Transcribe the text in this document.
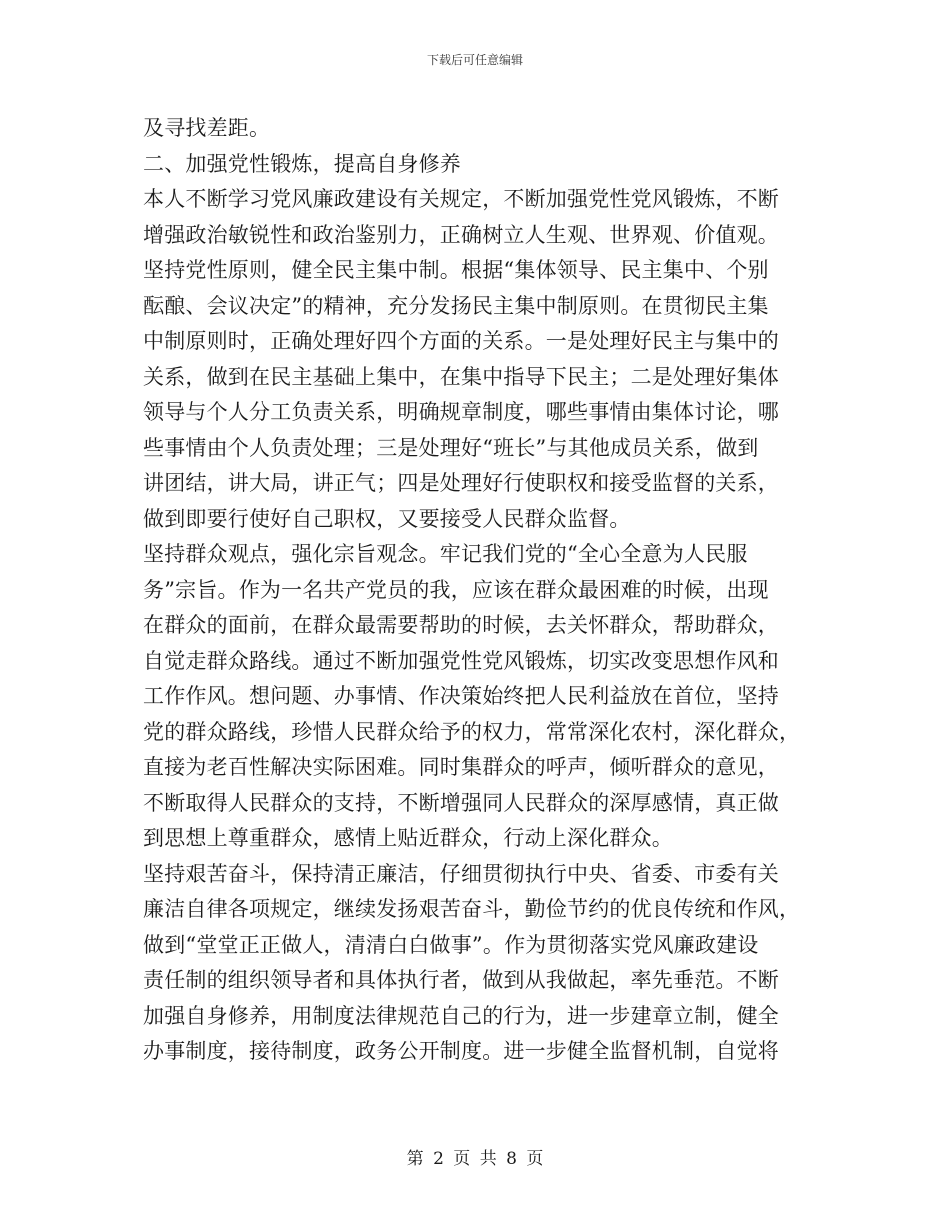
下载后可任意编辑
及寻找差距。
二、加强党性锻炼，提高自身修养
本人不断学习党风廉政建设有关规定，不断加强党性党风锻炼，不断
增强政治敏锐性和政治鉴别力，正确树立人生观、世界观、价值观。
坚持党性原则，健全民主集中制。根据“集体领导、民主集中、个别
酝酿、会议决定”的精神，充分发扬民主集中制原则。在贯彻民主集
中制原则时，正确处理好四个方面的关系。一是处理好民主与集中的
关系，做到在民主基础上集中，在集中指导下民主；二是处理好集体
领导与个人分工负责关系，明确规章制度，哪些事情由集体讨论，哪
些事情由个人负责处理；三是处理好“班长”与其他成员关系，做到
讲团结，讲大局，讲正气；四是处理好行使职权和接受监督的关系，
做到即要行使好自己职权，又要接受人民群众监督。
坚持群众观点，强化宗旨观念。牢记我们党的“全心全意为人民服
务”宗旨。作为一名共产党员的我，应该在群众最困难的时候，出现
在群众的面前，在群众最需要帮助的时候，去关怀群众，帮助群众，
自觉走群众路线。通过不断加强党性党风锻炼，切实改变思想作风和
工作作风。想问题、办事情、作决策始终把人民利益放在首位，坚持
党的群众路线，珍惜人民群众给予的权力，常常深化农村，深化群众，
直接为老百性解决实际困难。同时集群众的呼声，倾听群众的意见，
不断取得人民群众的支持，不断增强同人民群众的深厚感情，真正做
到思想上尊重群众，感情上贴近群众，行动上深化群众。
坚持艰苦奋斗，保持清正廉洁，仔细贯彻执行中央、省委、市委有关
廉洁自律各项规定，继续发扬艰苦奋斗，勤俭节约的优良传统和作风，
做到“堂堂正正做人，清清白白做事”。作为贯彻落实党风廉政建设
责任制的组织领导者和具体执行者，做到从我做起，率先垂范。不断
加强自身修养，用制度法律规范自己的行为，进一步建章立制，健全
办事制度，接待制度，政务公开制度。进一步健全监督机制，自觉将
第 2 页 共 8 页
